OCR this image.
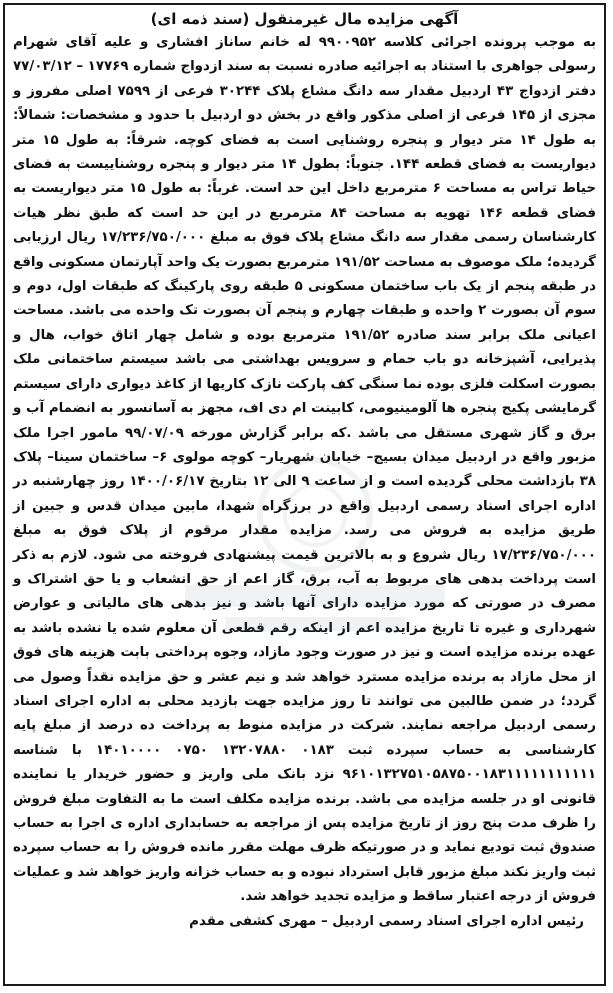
آگهی مزایده مال غیرمنقول (سند ذمه ای)

به موجب پرونده اجرائی کلاسه ۹۹۰۰۹۵۲ له خانم ساناز افشاری و علیه آقای شهرام رسولی جواهری با استناد به اجرائیه صادره نسبت به سند ازدواج شماره ۱۷۷۶۹ – ۷۷/۰۳/۱۲ دفتر ازدواج ۴۳ اردبیل مقدار سه دانگ مشاع پلاک ۳۰۲۴۴ فرعی از ۷۵۹۹ اصلی مفروز و مجزی از ۱۴۵ فرعی از اصلی مذکور واقع در بخش دو اردبیل با حدود و مشخصات: شمالاً: به طول ۱۴ متر دیوار و پنجره روشنایی است به فضای کوچه. شرقاً: به طول ۱۵ متر دیواریست به فضای قطعه ۱۴۴. جنوباً: بطول ۱۴ متر دیوار و پنجره روشناییست به فضای حیاط تراس به مساحت ۶ مترمربع داخل این حد است. غرباً: به طول ۱۵ متر دیواریست به فضای قطعه ۱۴۶ تهویه به مساحت ۸۴ مترمربع در این حد است که طبق نظر هیات کارشناسان رسمی مقدار سه دانگ مشاع پلاک فوق به مبلغ ۱۷/۲۳۶/۷۵۰/۰۰۰ ریال ارزیابی گردیده؛ ملک موصوف به مساحت ۱۹۱/۵۲ مترمربع بصورت یک واحد آپارتمان مسکونی واقع در طبقه پنجم از یک باب ساختمان مسکونی ۵ طبقه روی پارکینگ که طبقات اول، دوم و سوم آن بصورت ۲ واحده و طبقات چهارم و پنجم آن بصورت تک واحده می باشد. مساحت اعیانی ملک برابر سند صادره ۱۹۱/۵۲ مترمربع بوده و شامل چهار اتاق خواب، هال و پذیرایی، آشپزخانه دو باب حمام و سرویس بهداشتی می باشد سیستم ساختمانی ملک بصورت اسکلت فلزی بوده نما سنگی کف پارکت نازک کاریها از کاغذ دیواری دارای سیستم گرمایشی پکیج پنجره ها آلومینیومی، کابینت ام دی اف، مجهز به آسانسور به انضمام آب و برق و گاز شهری مستقل می باشد .که برابر گزارش مورخه ۹۹/۰۷/۰۹ مامور اجرا ملک مزبور واقع در اردبیل میدان بسیج– خیابان شهریار– کوچه مولوی ۶– ساختمان سینا– پلاک ۳۸ بازداشت محلی گردیده است و از ساعت ۹ الی ۱۲ بتاریخ ۱۴۰۰/۰۶/۱۷ روز چهارشنبه در اداره اجرای اسناد رسمی اردبیل واقع در برزگراه شهدا، مابین میدان قدس و جبین از طریق مزایده به فروش می رسد. مزایده مقدار مرقوم از پلاک فوق به مبلغ ۱۷/۲۳۶/۷۵۰/۰۰۰ ریال شروع و به بالاترین قیمت پیشنهادی فروخته می شود. لازم به ذکر است پرداخت بدهی های مربوط به آب، برق، گاز اعم از حق انشعاب و یا حق اشتراک و مصرف در صورتی که مورد مزایده دارای آنها باشد و نیز بدهی های مالیاتی و عوارض شهرداری و غیره تا تاریخ مزایده اعم از اینکه رقم قطعی آن معلوم شده یا نشده باشد به عهده برنده مزایده است و نیز در صورت وجود مازاد، وجوه پرداختی بابت هزینه های فوق از محل مازاد به برنده مزایده مسترد خواهد شد و نیم عشر و حق مزایده نقداً وصول می گردد؛ در ضمن طالبین می توانند تا روز مزایده جهت بازدید محلی به اداره اجرای اسناد رسمی اردبیل مراجعه نمایند. شرکت در مزایده منوط به پرداخت ده درصد از مبلغ پایه کارشناسی به حساب سپرده ثبت ۰۱۸۳ ۱۳۲۰۷۸۸۰ ۰۷۵۰ ۱۴۰۱۰۰۰۰ با شناسه ۹۶۱۰۱۳۲۷۵۱۰۵۸۷۵۰۰۱۸۳۱۱۱۱۱۱۱۱۱۱۱ نزد بانک ملی واریز و حضور خریدار یا نماینده قانونی او در جلسه مزایده می باشد. برنده مزایده مکلف است ما به التفاوت مبلغ فروش را ظرف مدت پنج روز از تاریخ مزایده پس از مراجعه به حسابداری اداره ی اجرا به حساب صندوق ثبت تودیع نماید و در صورتیکه ظرف مهلت مقرر مانده فروش را به حساب سپرده ثبت واریز نکند مبلغ مزبور قابل استرداد نبوده و به حساب خزانه واریز خواهد شد و عملیات فروش از درجه اعتبار ساقط و مزایده تجدید خواهد شد.

رئیس اداره اجرای اسناد رسمی اردبیل – مهری کشفی مقدم
